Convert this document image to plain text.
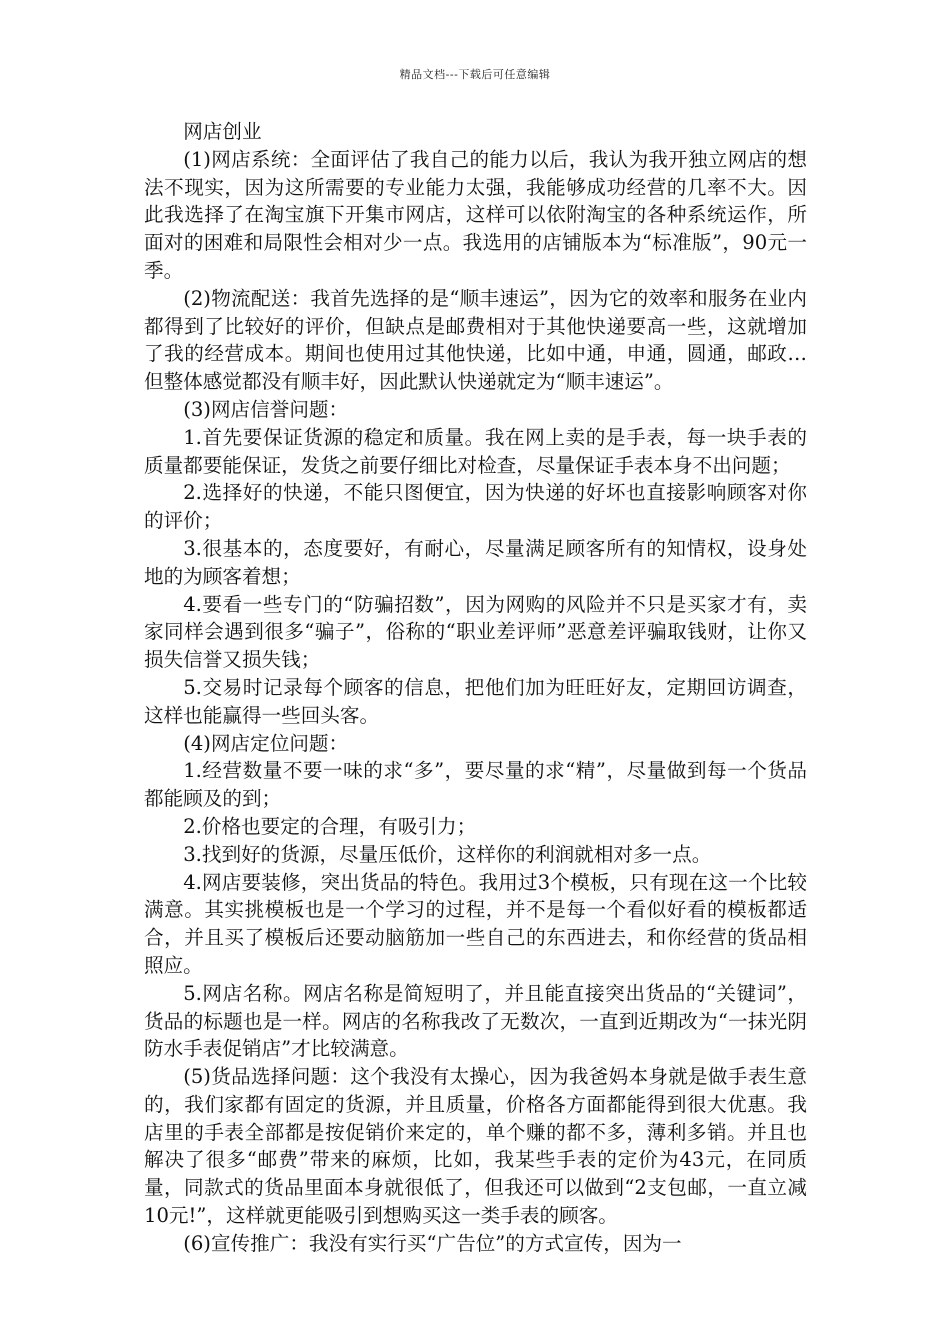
精品文档---下载后可任意编辑

网店创业

(1)网店系统：全面评估了我自己的能力以后，我认为我开独立网店的想法不现实，因为这所需要的专业能力太强，我能够成功经营的几率不大。因此我选择了在淘宝旗下开集市网店，这样可以依附淘宝的各种系统运作，所面对的困难和局限性会相对少一点。我选用的店铺版本为“标准版”，90元一季。

(2)物流配送：我首先选择的是“顺丰速运”，因为它的效率和服务在业内都得到了比较好的评价，但缺点是邮费相对于其他快递要高一些，这就增加了我的经营成本。期间也使用过其他快递，比如中通，申通，圆通，邮政…但整体感觉都没有顺丰好，因此默认快递就定为“顺丰速运”。

(3)网店信誉问题：

1.首先要保证货源的稳定和质量。我在网上卖的是手表，每一块手表的质量都要能保证，发货之前要仔细比对检查，尽量保证手表本身不出问题；

2.选择好的快递，不能只图便宜，因为快递的好坏也直接影响顾客对你的评价；

3.很基本的，态度要好，有耐心，尽量满足顾客所有的知情权，设身处地的为顾客着想；

4.要看一些专门的“防骗招数”，因为网购的风险并不只是买家才有，卖家同样会遇到很多“骗子”，俗称的“职业差评师”恶意差评骗取钱财，让你又损失信誉又损失钱；

5.交易时记录每个顾客的信息，把他们加为旺旺好友，定期回访调查，这样也能赢得一些回头客。

(4)网店定位问题：

1.经营数量不要一味的求“多”，要尽量的求“精”，尽量做到每一个货品都能顾及的到；

2.价格也要定的合理，有吸引力；

3.找到好的货源，尽量压低价，这样你的利润就相对多一点。

4.网店要装修，突出货品的特色。我用过3个模板，只有现在这一个比较满意。其实挑模板也是一个学习的过程，并不是每一个看似好看的模板都适合，并且买了模板后还要动脑筋加一些自己的东西进去，和你经营的货品相照应。

5.网店名称。网店名称是简短明了，并且能直接突出货品的“关键词”，货品的标题也是一样。网店的名称我改了无数次，一直到近期改为“一抹光阴防水手表促销店”才比较满意。

(5)货品选择问题：这个我没有太操心，因为我爸妈本身就是做手表生意的，我们家都有固定的货源，并且质量，价格各方面都能得到很大优惠。我店里的手表全部都是按促销价来定的，单个赚的都不多，薄利多销。并且也解决了很多“邮费”带来的麻烦，比如，我某些手表的定价为43元，在同质量，同款式的货品里面本身就很低了，但我还可以做到“2支包邮，一直立减10元!”，这样就更能吸引到想购买这一类手表的顾客。

(6)宣传推广：我没有实行买“广告位”的方式宣传，因为一
